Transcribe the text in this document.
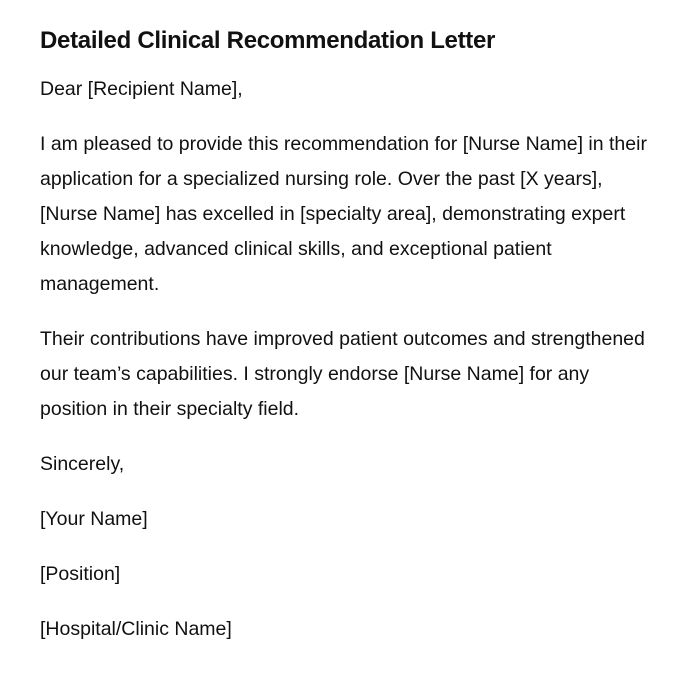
Detailed Clinical Recommendation Letter

Dear [Recipient Name],

I am pleased to provide this recommendation for [Nurse Name] in their application for a specialized nursing role. Over the past [X years], [Nurse Name] has excelled in [specialty area], demonstrating expert knowledge, advanced clinical skills, and exceptional patient management.

Their contributions have improved patient outcomes and strengthened our team’s capabilities. I strongly endorse [Nurse Name] for any position in their specialty field.

Sincerely,

[Your Name]

[Position]

[Hospital/Clinic Name]
